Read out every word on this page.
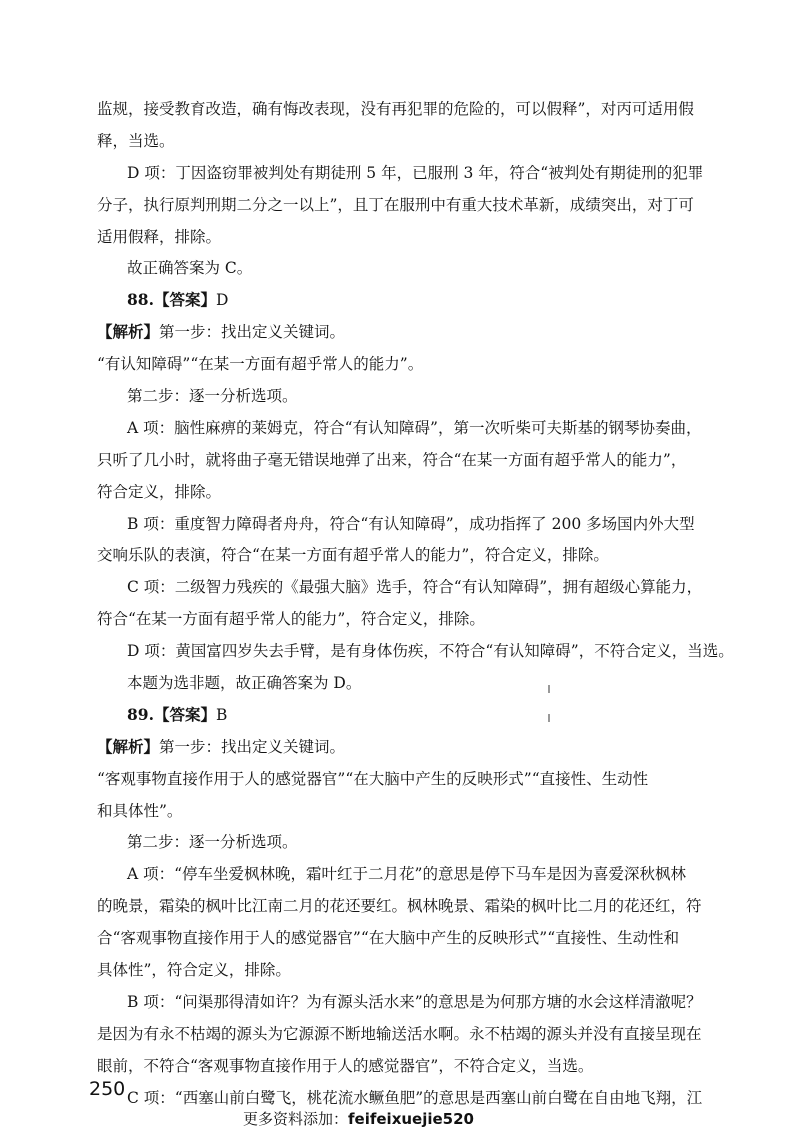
监规，接受教育改造，确有悔改表现，没有再犯罪的危险的，可以假释”，对丙可适用假
释，当选。
D 项：丁因盗窃罪被判处有期徒刑 5 年，已服刑 3 年，符合“被判处有期徒刑的犯罪
分子，执行原判刑期二分之一以上”，且丁在服刑中有重大技术革新，成绩突出，对丁可
适用假释，排除。
故正确答案为 C。
88.【答案】D
【解析】第一步：找出定义关键词。
“有认知障碍”“在某一方面有超乎常人的能力”。
第二步：逐一分析选项。
A 项：脑性麻痹的莱姆克，符合“有认知障碍”，第一次听柴可夫斯基的钢琴协奏曲，
只听了几小时，就将曲子毫无错误地弹了出来，符合“在某一方面有超乎常人的能力”，
符合定义，排除。
B 项：重度智力障碍者舟舟，符合“有认知障碍”，成功指挥了 200 多场国内外大型
交响乐队的表演，符合“在某一方面有超乎常人的能力”，符合定义，排除。
C 项：二级智力残疾的《最强大脑》选手，符合“有认知障碍”，拥有超级心算能力，
符合“在某一方面有超乎常人的能力”，符合定义，排除。
D 项：黄国富四岁失去手臂，是有身体伤疾，不符合“有认知障碍”，不符合定义，当选。
本题为选非题，故正确答案为 D。
89.【答案】B
【解析】第一步：找出定义关键词。
“客观事物直接作用于人的感觉器官”“在大脑中产生的反映形式”“直接性、生动性
和具体性”。
第二步：逐一分析选项。
A 项：“停车坐爱枫林晚，霜叶红于二月花”的意思是停下马车是因为喜爱深秋枫林
的晚景，霜染的枫叶比江南二月的花还要红。枫林晚景、霜染的枫叶比二月的花还红，符
合“客观事物直接作用于人的感觉器官”“在大脑中产生的反映形式”“直接性、生动性和
具体性”，符合定义，排除。
B 项：“问渠那得清如许？为有源头活水来”的意思是为何那方塘的水会这样清澈呢？
是因为有永不枯竭的源头为它源源不断地输送活水啊。永不枯竭的源头并没有直接呈现在
眼前，不符合“客观事物直接作用于人的感觉器官”，不符合定义，当选。
C 项：“西塞山前白鹭飞，桃花流水鳜鱼肥”的意思是西塞山前白鹭在自由地飞翔，江
250
更多资料添加：feifeixuejie520
